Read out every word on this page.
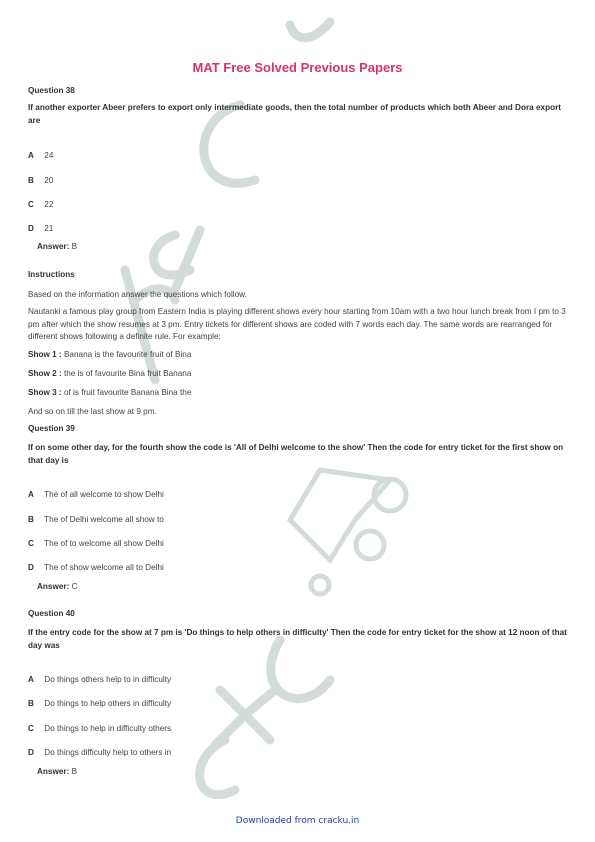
MAT Free Solved Previous Papers
Question 38
If another exporter Abeer prefers to export only intermediate goods, then the total number of products which both Abeer and Dora export are
A 24
B 20
C 22
D 21
Answer: B
Instructions
Based on the information answer the questions which follow.
Nautanki a famous play group from Eastern India is playing different shows every hour starting from 10am with a two hour lunch break from I pm to 3 pm after which the show resumes at 3 pm. Entry tickets for different shows are coded with 7 words each day. The same words are rearranged for different shows following a definite rule. For example:
Show 1 : Banana is the favourite fruit of Bina
Show 2 : the is of favourite Bina fruit Banana
Show 3 : of is fruit favourite Banana Bina the
And so on till the last show at 9 pm.
Question 39
If on some other day, for the fourth show the code is 'All of Delhi welcome to the show' Then the code for entry ticket for the first show on that day is
A The of all welcome to show Delhi
B The of Delhi welcome all show to
C The of to welcome all show Delhi
D The of show welcome all to Delhi
Answer: C
Question 40
If the entry code for the show at 7 pm is 'Do things to help others in difficulty' Then the code for entry ticket for the show at 12 noon of that day was
A Do things others help to in difficulty
B Do things to help others in difficulty
C Do things to help in difficulty others
D Do things difficulty help to others in
Answer: B
Downloaded from cracku.in
